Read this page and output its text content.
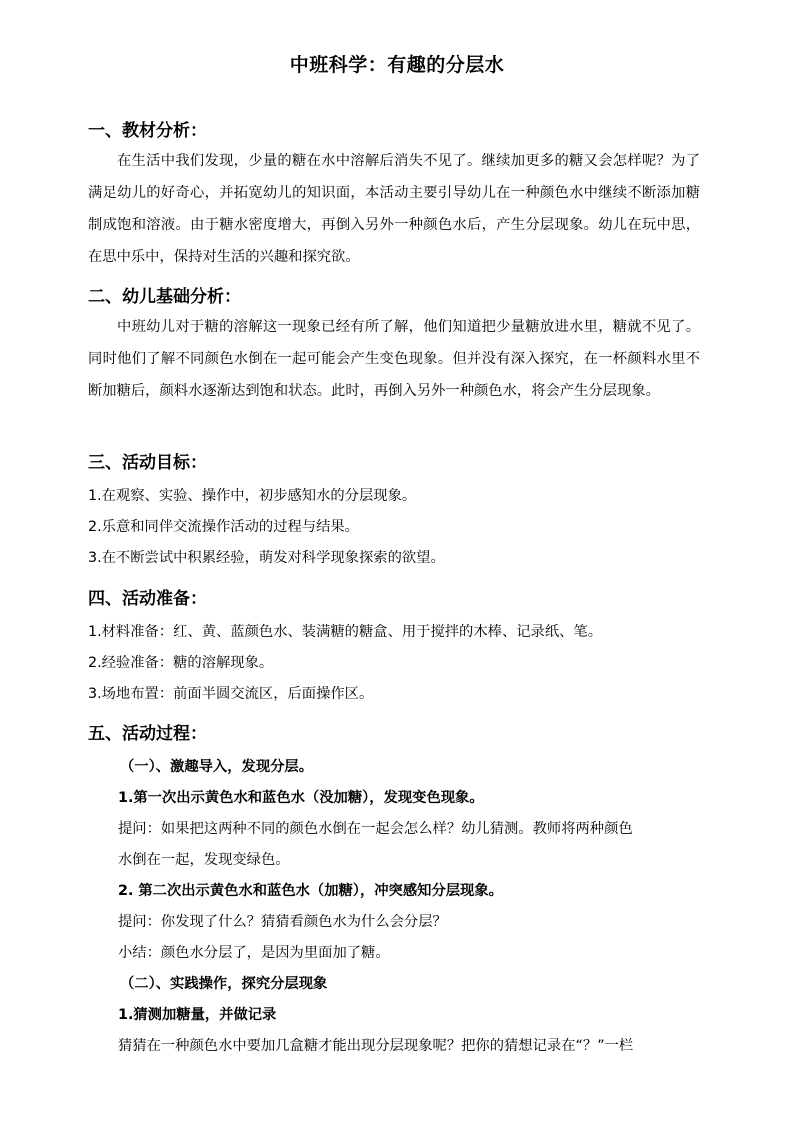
中班科学：有趣的分层水
一、教材分析：

在生活中我们发现，少量的糖在水中溶解后消失不见了。继续加更多的糖又会怎样呢？为了满足幼儿的好奇心，并拓宽幼儿的知识面，本活动主要引导幼儿在一种颜色水中继续不断添加糖制成饱和溶液。由于糖水密度增大，再倒入另外一种颜色水后，产生分层现象。幼儿在玩中思，在思中乐中，保持对生活的兴趣和探究欲。

二、幼儿基础分析：

中班幼儿对于糖的溶解这一现象已经有所了解，他们知道把少量糖放进水里，糖就不见了。同时他们了解不同颜色水倒在一起可能会产生变色现象。但并没有深入探究，在一杯颜料水里不断加糖后，颜料水逐渐达到饱和状态。此时，再倒入另外一种颜色水，将会产生分层现象。

三、活动目标：
1.在观察、实验、操作中，初步感知水的分层现象。
2.乐意和同伴交流操作活动的过程与结果。
3.在不断尝试中积累经验，萌发对科学现象探索的欲望。
四、活动准备：
1.材料准备：红、黄、蓝颜色水、装满糖的糖盒、用于搅拌的木棒、记录纸、笔。
2.经验准备：糖的溶解现象。
3.场地布置：前面半圆交流区，后面操作区。
五、活动过程：
（一）、激趣导入，发现分层。
1.第一次出示黄色水和蓝色水（没加糖），发现变色现象。
提问：如果把这两种不同的颜色水倒在一起会怎么样？幼儿猜测。教师将两种颜色
水倒在一起，发现变绿色。
2. 第二次出示黄色水和蓝色水（加糖），冲突感知分层现象。
提问：你发现了什么？猜猜看颜色水为什么会分层？
小结：颜色水分层了，是因为里面加了糖。
（二）、实践操作，探究分层现象
1.猜测加糖量，并做记录
猜猜在一种颜色水中要加几盒糖才能出现分层现象呢？把你的猜想记录在“？”一栏
